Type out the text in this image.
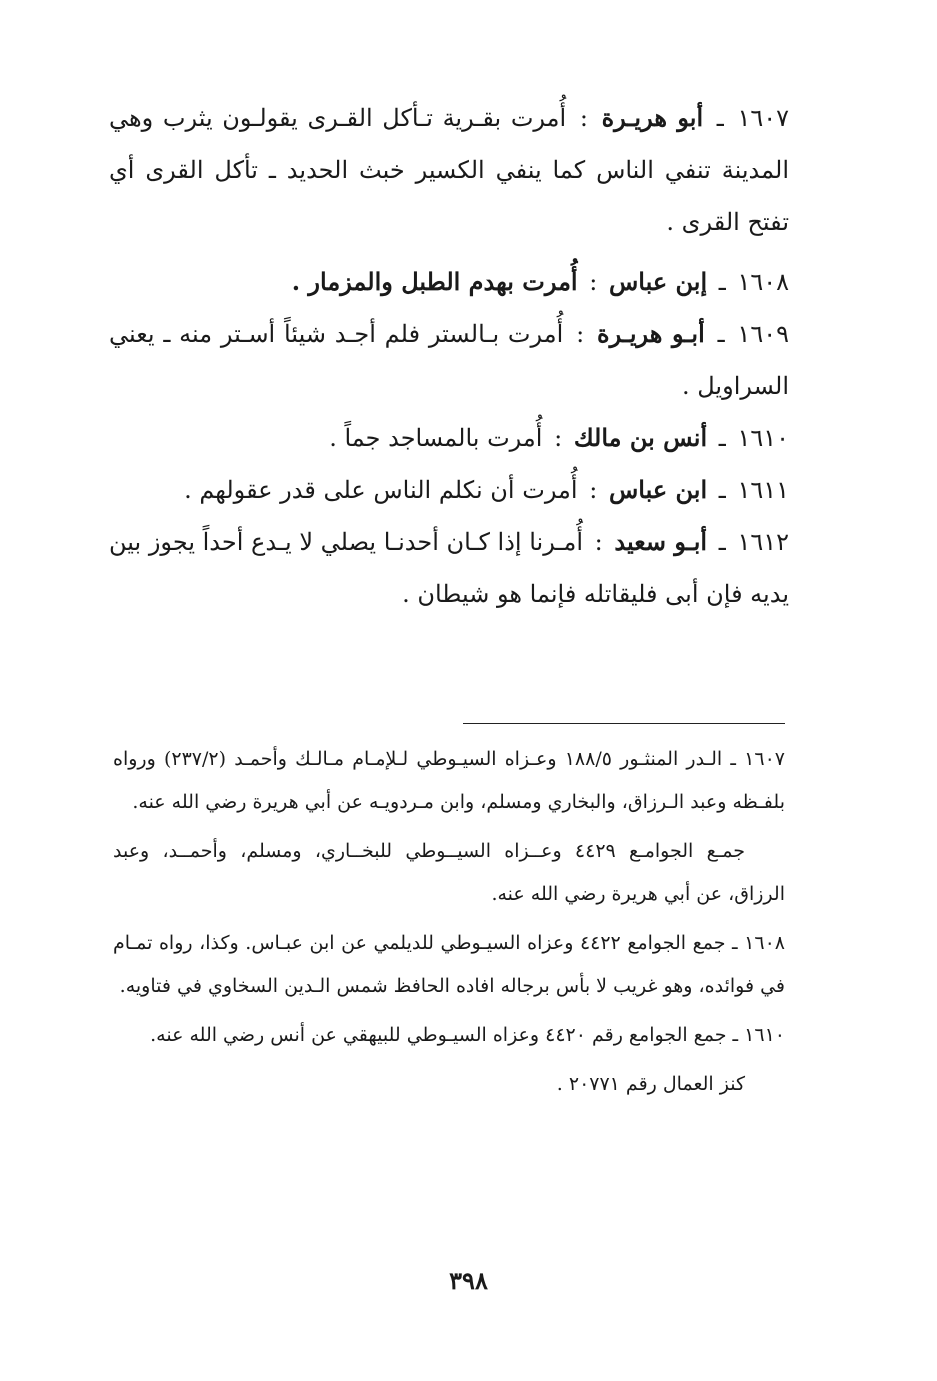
١٦٠٧ ـ أبو هريـرة : أُمرت بقـرية تـأكل القـرى يقولـون يثرب وهي المدينة تنفي الناس كما ينفي الكسير خبث الحديد ـ تأكل القرى أي تفتح القرى .

١٦٠٨ ـ إبن عباس : أُمرت بهدم الطبل والمزمار .

١٦٠٩ ـ أبـو هريـرة : أُمرت بـالستر فلم أجـد شيئاً أسـتر منه ـ يعني السراويل .

١٦١٠ ـ أنس بن مالك : أُمرت بالمساجد جماً .

١٦١١ ـ ابن عباس : أُمرت أن نكلم الناس على قدر عقولهم .

١٦١٢ ـ أبـو سعيد : أُمـرنا إذا كـان أحدنـا يصلي لا يـدع أحداً يجوز بين يديه فإن أبى فليقاتله فإنما هو شيطان .

١٦٠٧ ـ الـدر المنثـور ١٨٨/٥ وعـزاه السيـوطي لـلإمـام مـالـك وأحمـد (٢٣٧/٢) ورواه بلفـظه وعبد الـرزاق، والبخاري ومسلم، وابن مـردويـه عن أبي هريرة رضي الله عنه.

جمـع الجوامـع ٤٤٢٩ وعــزاه السيــوطي للبخــاري، ومسلم، وأحمــد، وعبد الرزاق، عن أبي هريرة رضي الله عنه.

١٦٠٨ ـ جمع الجوامع ٤٤٢٢ وعزاه السيـوطي للديلمي عن ابن عبـاس. وكذا، رواه تمـام في فوائده، وهو غريب لا بأس برجاله افاده الحافظ شمس الـدين السخاوي في فتاويه.

١٦١٠ ـ جمع الجوامع رقم ٤٤٢٠ وعزاه السيـوطي للبيهقي عن أنس رضي الله عنه.

كنز العمال رقم ٢٠٧٧١ .

٣٩٨
